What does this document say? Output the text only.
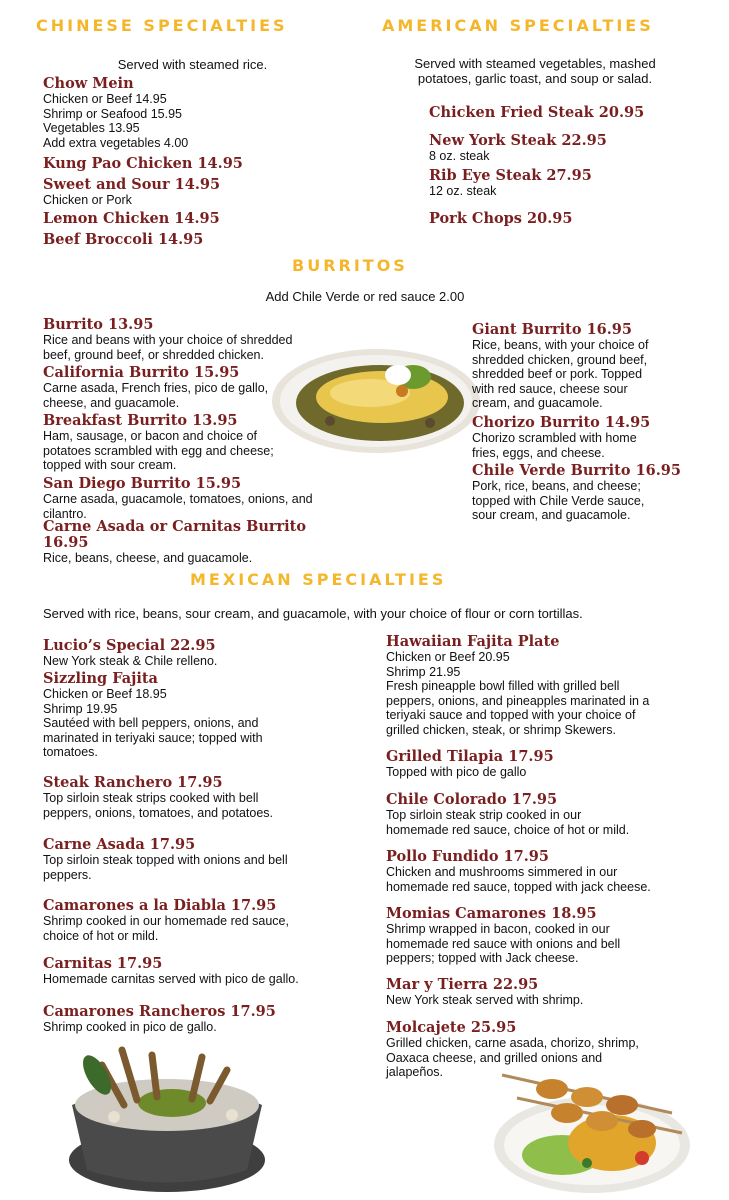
CHINESE SPECIALTIES
Served with steamed rice.
Chow Mein
Chicken or Beef 14.95
Shrimp or Seafood 15.95
Vegetables 13.95
Add extra vegetables 4.00
Kung Pao Chicken 14.95
Sweet and Sour 14.95
Chicken or Pork
Lemon Chicken 14.95
Beef Broccoli 14.95
AMERICAN SPECIALTIES
Served with steamed vegetables, mashed
potatoes, garlic toast, and soup or salad.
Chicken Fried Steak 20.95
New York Steak 22.95
8 oz. steak
Rib Eye Steak 27.95
12 oz. steak
Pork Chops 20.95
BURRITOS
Add Chile Verde or red sauce 2.00
Burrito 13.95
Rice and beans with your choice of shredded
beef, ground beef, or shredded chicken.
California Burrito 15.95
Carne asada, French fries, pico de gallo,
cheese, and guacamole.
Breakfast Burrito 13.95
Ham, sausage, or bacon and choice of
potatoes scrambled with egg and cheese;
topped with sour cream.
San Diego Burrito 15.95
Carne asada, guacamole, tomatoes, onions, and
cilantro.
Carne Asada or Carnitas Burrito 16.95
Rice, beans, cheese, and guacamole.
Giant Burrito 16.95
Rice, beans, with your choice of
shredded chicken, ground beef,
shredded beef or pork. Topped
with red sauce, cheese sour
cream, and guacamole.
Chorizo Burrito 14.95
Chorizo scrambled with home
fries, eggs, and cheese.
Chile Verde Burrito 16.95
Pork, rice, beans, and cheese;
topped with Chile Verde sauce,
sour cream, and guacamole.
MEXICAN SPECIALTIES
Served with rice, beans, sour cream, and guacamole, with your choice of flour or corn tortillas.
Lucio’s Special 22.95
New York steak & Chile relleno.
Sizzling Fajita
Chicken or Beef 18.95
Shrimp 19.95
Sautéed with bell peppers, onions, and
marinated in teriyaki sauce; topped with
tomatoes.
Steak Ranchero 17.95
Top sirloin steak strips cooked with bell
peppers, onions, tomatoes, and potatoes.
Carne Asada 17.95
Top sirloin steak topped with onions and bell
peppers.
Camarones a la Diabla 17.95
Shrimp cooked in our homemade red sauce,
choice of hot or mild.
Carnitas 17.95
Homemade carnitas served with pico de gallo.
Camarones Rancheros 17.95
Shrimp cooked in pico de gallo.
Hawaiian Fajita Plate
Chicken or Beef 20.95
Shrimp 21.95
Fresh pineapple bowl filled with grilled bell
peppers, onions, and pineapples marinated in a
teriyaki sauce and topped with your choice of
grilled chicken, steak, or shrimp Skewers.
Grilled Tilapia 17.95
Topped with pico de gallo
Chile Colorado 17.95
Top sirloin steak strip cooked in our
homemade red sauce, choice of hot or mild.
Pollo Fundido 17.95
Chicken and mushrooms simmered in our
homemade red sauce, topped with jack cheese.
Momias Camarones 18.95
Shrimp wrapped in bacon, cooked in our
homemade red sauce with onions and bell
peppers; topped with Jack cheese.
Mar y Tierra 22.95
New York steak served with shrimp.
Molcajete 25.95
Grilled chicken, carne asada, chorizo, shrimp,
Oaxaca cheese, and grilled onions and
jalapeños.
